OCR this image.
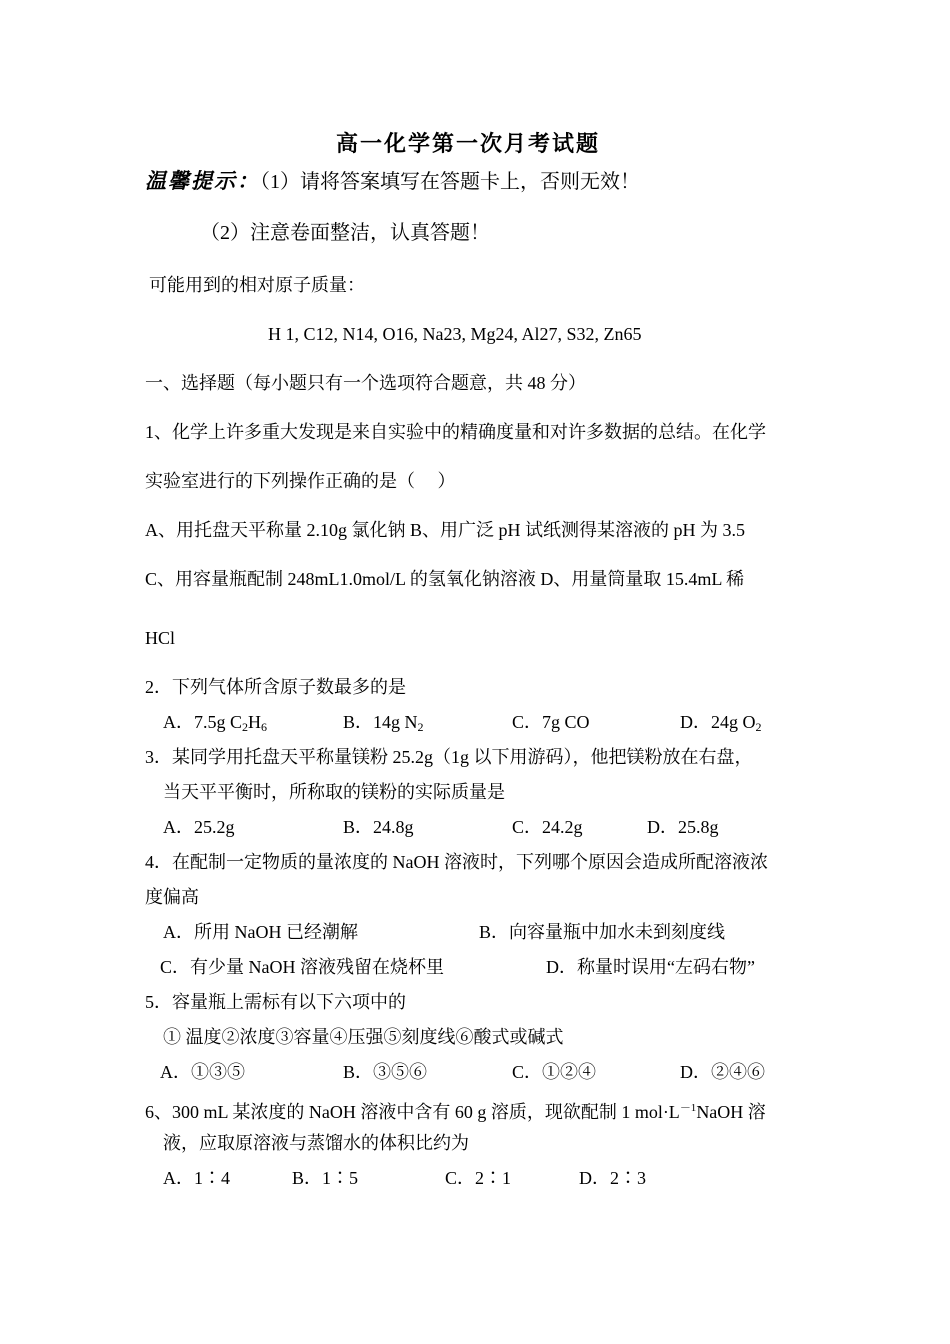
高一化学第一次月考试题
温馨提示：（1）请将答案填写在答题卡上，否则无效！
（2）注意卷面整洁，认真答题！
可能用到的相对原子质量：
H 1, C12, N14, O16, Na23, Mg24, Al27, S32, Zn65
一、选择题（每小题只有一个选项符合题意，共 48 分）
1、化学上许多重大发现是来自实验中的精确度量和对许多数据的总结。在化学
实验室进行的下列操作正确的是（　 ）
A、用托盘天平称量 2.10g 氯化钠 B、用广泛 pH 试纸测得某溶液的 pH 为 3.5
C、用容量瓶配制 248mL1.0mol/L 的氢氧化钠溶液 D、用量筒量取 15.4mL 稀
HCl
2．下列气体所含原子数最多的是
A．7.5g $C_2H_6$	B．14g $N_2$	C．7g CO	D．24g $O_2$
3．某同学用托盘天平称量镁粉 25.2g（1g 以下用游码），他把镁粉放在右盘，
当天平平衡时，所称取的镁粉的实际质量是
A．25.2g	B．24.8g	C．24.2g	D．25.8g
4．在配制一定物质的量浓度的 NaOH 溶液时，下列哪个原因会造成所配溶液浓
度偏高
A．所用 NaOH 已经潮解	B．向容量瓶中加水未到刻度线
C．有少量 NaOH 溶液残留在烧杯里	D．称量时误用“左码右物”
5．容量瓶上需标有以下六项中的
① 温度②浓度③容量④压强⑤刻度线⑥酸式或碱式
A．①③⑤	B．③⑤⑥	C．①②④	D．②④⑥
6、300 mL 某浓度的 NaOH 溶液中含有 60 g 溶质，现欲配制 1 $mol\cdot L^{-1}NaOH$ 溶
液，应取原溶液与蒸馏水的体积比约为
A．1∶4	B．1∶5	C．2∶1	D．2∶3
